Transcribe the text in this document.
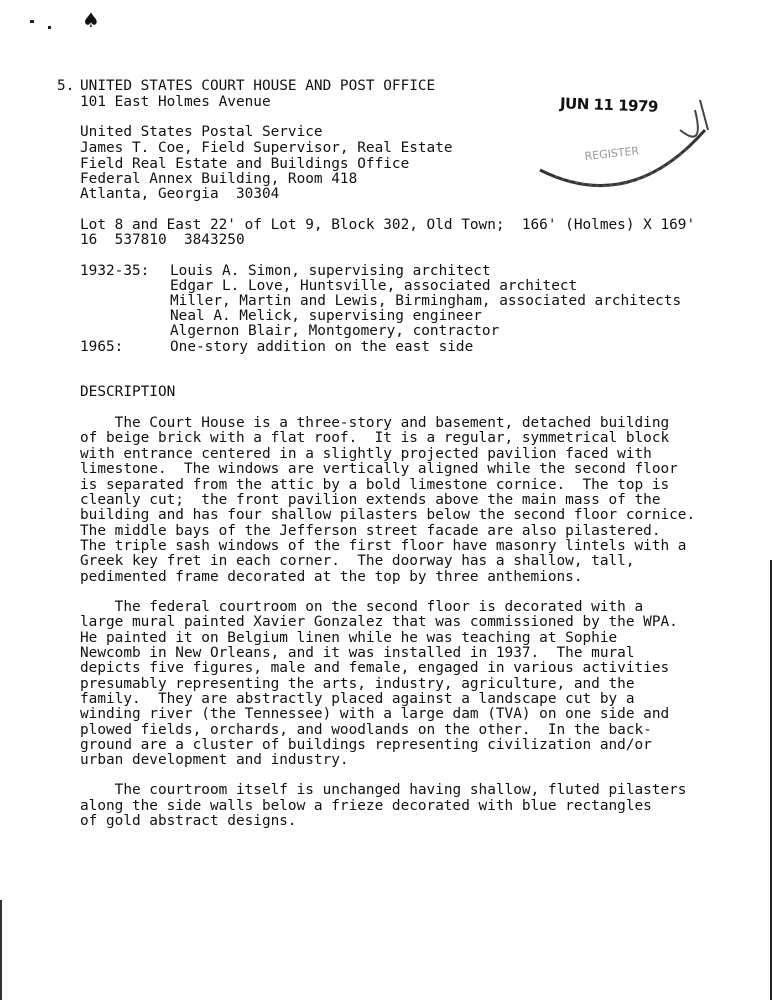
♠
REGISTER
JUN 11 1979
5. UNITED STATES COURT HOUSE AND POST OFFICE
101 East Holmes Avenue
United States Postal Service
James T. Coe, Field Supervisor, Real Estate
Field Real Estate and Buildings Office
Federal Annex Building, Room 418
Atlanta, Georgia  30304
Lot 8 and East 22' of Lot 9, Block 302, Old Town;  166' (Holmes) X 169'
16  537810  3843250
1932-35: Louis A. Simon, supervising architect
Edgar L. Love, Huntsville, associated architect
Miller, Martin and Lewis, Birmingham, associated architects
Neal A. Melick, supervising engineer
Algernon Blair, Montgomery, contractor
1965:	One-story addition on the east side
DESCRIPTION
The Court House is a three-story and basement, detached building
of beige brick with a flat roof.  It is a regular, symmetrical block
with entrance centered in a slightly projected pavilion faced with
limestone.  The windows are vertically aligned while the second floor
is separated from the attic by a bold limestone cornice.  The top is
cleanly cut;  the front pavilion extends above the main mass of the
building and has four shallow pilasters below the second floor cornice.
The middle bays of the Jefferson street facade are also pilastered.
The triple sash windows of the first floor have masonry lintels with a
Greek key fret in each corner.  The doorway has a shallow, tall,
pedimented frame decorated at the top by three anthemions.
The federal courtroom on the second floor is decorated with a
large mural painted Xavier Gonzalez that was commissioned by the WPA.
He painted it on Belgium linen while he was teaching at Sophie
Newcomb in New Orleans, and it was installed in 1937.  The mural
depicts five figures, male and female, engaged in various activities
presumably representing the arts, industry, agriculture, and the
family.  They are abstractly placed against a landscape cut by a
winding river (the Tennessee) with a large dam (TVA) on one side and
plowed fields, orchards, and woodlands on the other.  In the back-
ground are a cluster of buildings representing civilization and/or
urban development and industry.
The courtroom itself is unchanged having shallow, fluted pilasters
along the side walls below a frieze decorated with blue rectangles
of gold abstract designs.
